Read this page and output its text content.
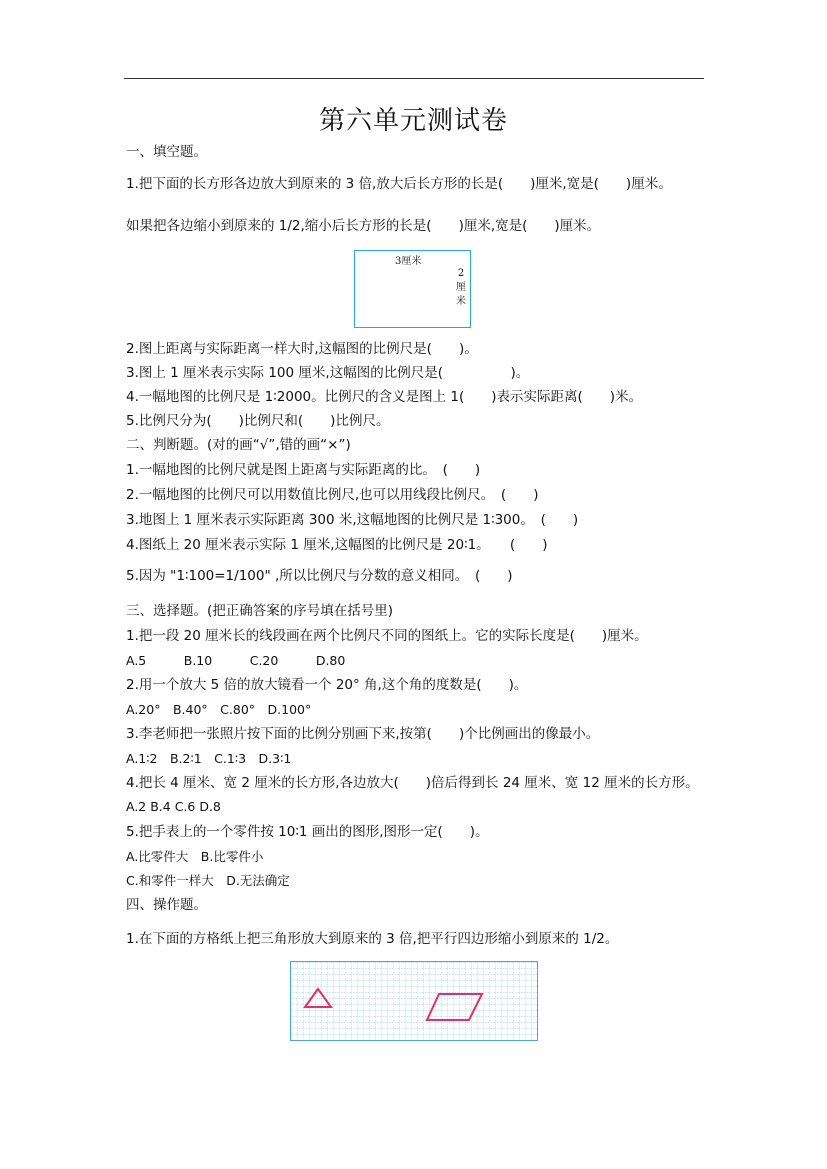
第六单元测试卷
一、填空题。
1.把下面的长方形各边放大到原来的 3 倍,放大后长方形的长是(　　)厘米,宽是(　　)厘米。
如果把各边缩小到原来的 1/2,缩小后长方形的长是(　　)厘米,宽是(　　)厘米。
3厘米
2
厘
米
2.图上距离与实际距离一样大时,这幅图的比例尺是(　　)。
3.图上 1 厘米表示实际 100 厘米,这幅图的比例尺是(　　　　　)。
4.一幅地图的比例尺是 1∶2000。比例尺的含义是图上 1(　　)表示实际距离(　　)米。
5.比例尺分为(　　)比例尺和(　　)比例尺。
二、判断题。(对的画“√”,错的画“×”)
1.一幅地图的比例尺就是图上距离与实际距离的比。　(　　)
2.一幅地图的比例尺可以用数值比例尺,也可以用线段比例尺。　(　　)
3.地图上 1 厘米表示实际距离 300 米,这幅地图的比例尺是 1∶300。　(　　)
4.图纸上 20 厘米表示实际 1 厘米,这幅图的比例尺是 20∶1。　　(　　)
5.因为 "1∶100=1/100" ,所以比例尺与分数的意义相同。　(　　)
三、选择题。(把正确答案的序号填在括号里)
1.把一段 20 厘米长的线段画在两个比例尺不同的图纸上。它的实际长度是(　　)厘米。
A.5　　　B.10　　　C.20　　　D.80
2.用一个放大 5 倍的放大镜看一个 20° 角,这个角的度数是(　　)。
A.20°　B.40°　C.80°　D.100°
3.李老师把一张照片按下面的比例分别画下来,按第(　　)个比例画出的像最小。
A.1∶2　B.2∶1　C.1∶3　D.3∶1
4.把长 4 厘米、宽 2 厘米的长方形,各边放大(　　)倍后得到长 24 厘米、宽 12 厘米的长方形。
A.2 B.4 C.6 D.8
5.把手表上的一个零件按 10∶1 画出的图形,图形一定(　　)。
A.比零件大　B.比零件小
C.和零件一样大　D.无法确定
四、操作题。
1.在下面的方格纸上把三角形放大到原来的 3 倍,把平行四边形缩小到原来的 1/2。
